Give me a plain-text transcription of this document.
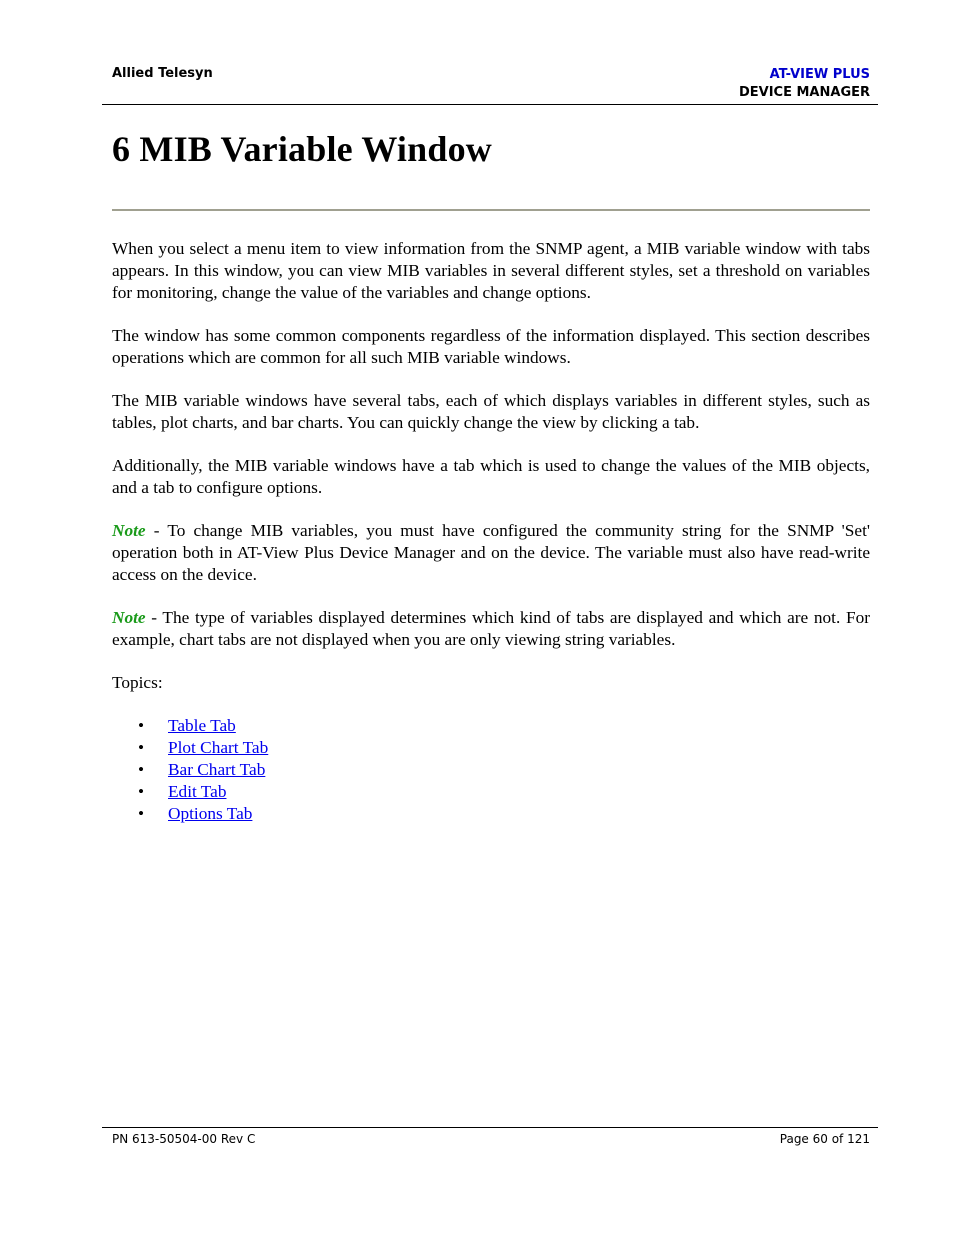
Allied Telesyn	AT-VIEW PLUS
DEVICE MANAGER
6 MIB Variable Window

When you select a menu item to view information from the SNMP agent, a MIB variable window with tabs appears. In this window, you can view MIB variables in several different styles, set a threshold on variables for monitoring, change the value of the variables and change options.

The window has some common components regardless of the information displayed. This section describes operations which are common for all such MIB variable windows.

The MIB variable windows have several tabs, each of which displays variables in different styles, such as tables, plot charts, and bar charts. You can quickly change the view by clicking a tab.

Additionally, the MIB variable windows have a tab which is used to change the values of the MIB objects, and a tab to configure options.

Note - To change MIB variables, you must have configured the community string for the SNMP 'Set' operation both in AT-View Plus Device Manager and on the device. The variable must also have read-write access on the device.

Note - The type of variables displayed determines which kind of tabs are displayed and which are not. For example, chart tabs are not displayed when you are only viewing string variables.

Topics:

• Table Tab
• Plot Chart Tab
• Bar Chart Tab
• Edit Tab
• Options Tab
PN 613-50504-00 Rev C	Page 60 of 121
